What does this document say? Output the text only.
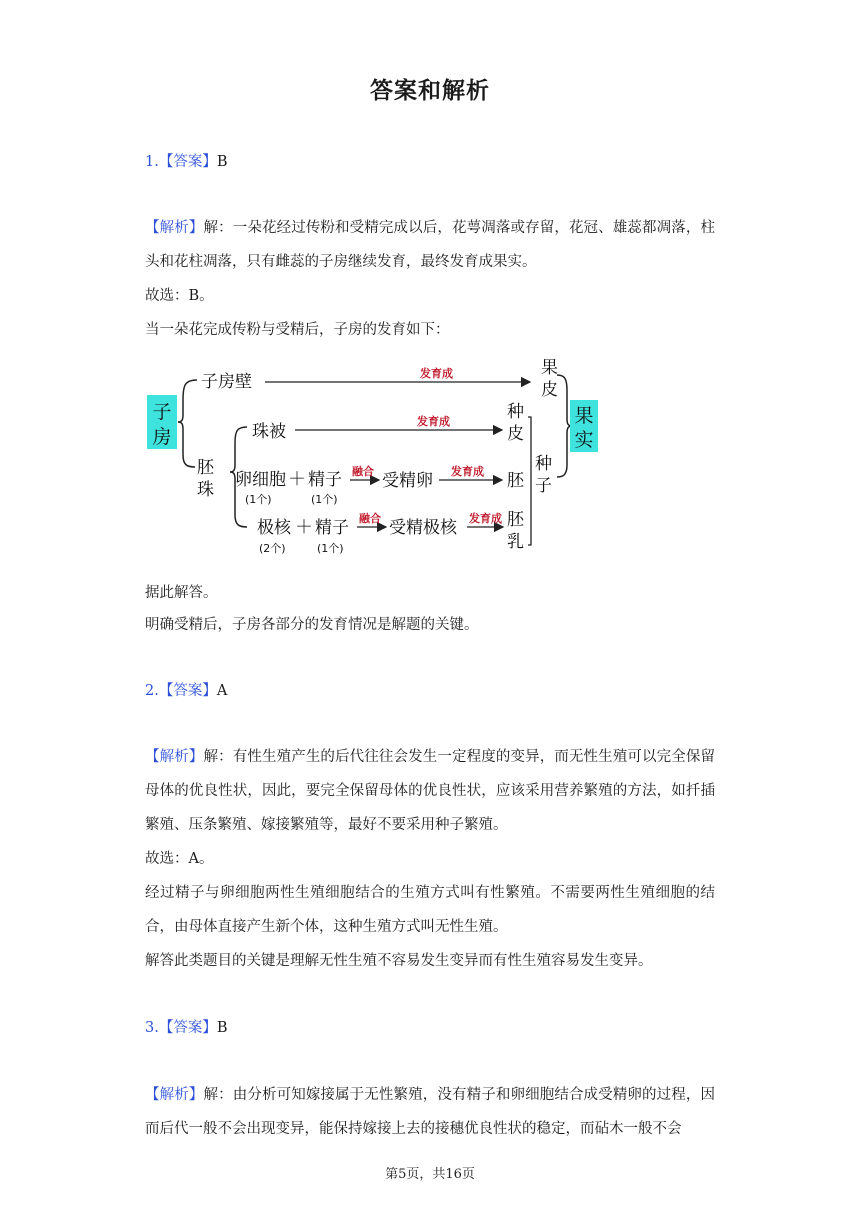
答案和解析
1.【答案】B
【解析】解：一朵花经过传粉和受精完成以后，花萼凋落或存留，花冠、雄蕊都凋落，柱头和花柱凋落，只有雌蕊的子房继续发育，最终发育成果实。
故选：B。
当一朵花完成传粉与受精后，子房的发育如下：
子
房
子房壁	发育成	果
皮
胚
珠
珠被
发育成	种
皮
卵细胞
(1个)
＋ 精子
(1个)
融合 受精卵 发育成 胚
极核
(2个)
＋ 精子
(1个)
融合 受精极核 发育成 胚
乳
种
子
果
实
据此解答。
明确受精后，子房各部分的发育情况是解题的关键。
2.【答案】A
【解析】解：有性生殖产生的后代往往会发生一定程度的变异，而无性生殖可以完全保留母体的优良性状，因此，要完全保留母体的优良性状，应该采用营养繁殖的方法，如扦插繁殖、压条繁殖、嫁接繁殖等，最好不要采用种子繁殖。
故选：A。
经过精子与卵细胞两性生殖细胞结合的生殖方式叫有性繁殖。不需要两性生殖细胞的结合，由母体直接产生新个体，这种生殖方式叫无性生殖。
解答此类题目的关键是理解无性生殖不容易发生变异而有性生殖容易发生变异。
3.【答案】B
【解析】解：由分析可知嫁接属于无性繁殖，没有精子和卵细胞结合成受精卵的过程，因而后代一般不会出现变异，能保持嫁接上去的接穗优良性状的稳定，而砧木一般不会
第5页，共16页
